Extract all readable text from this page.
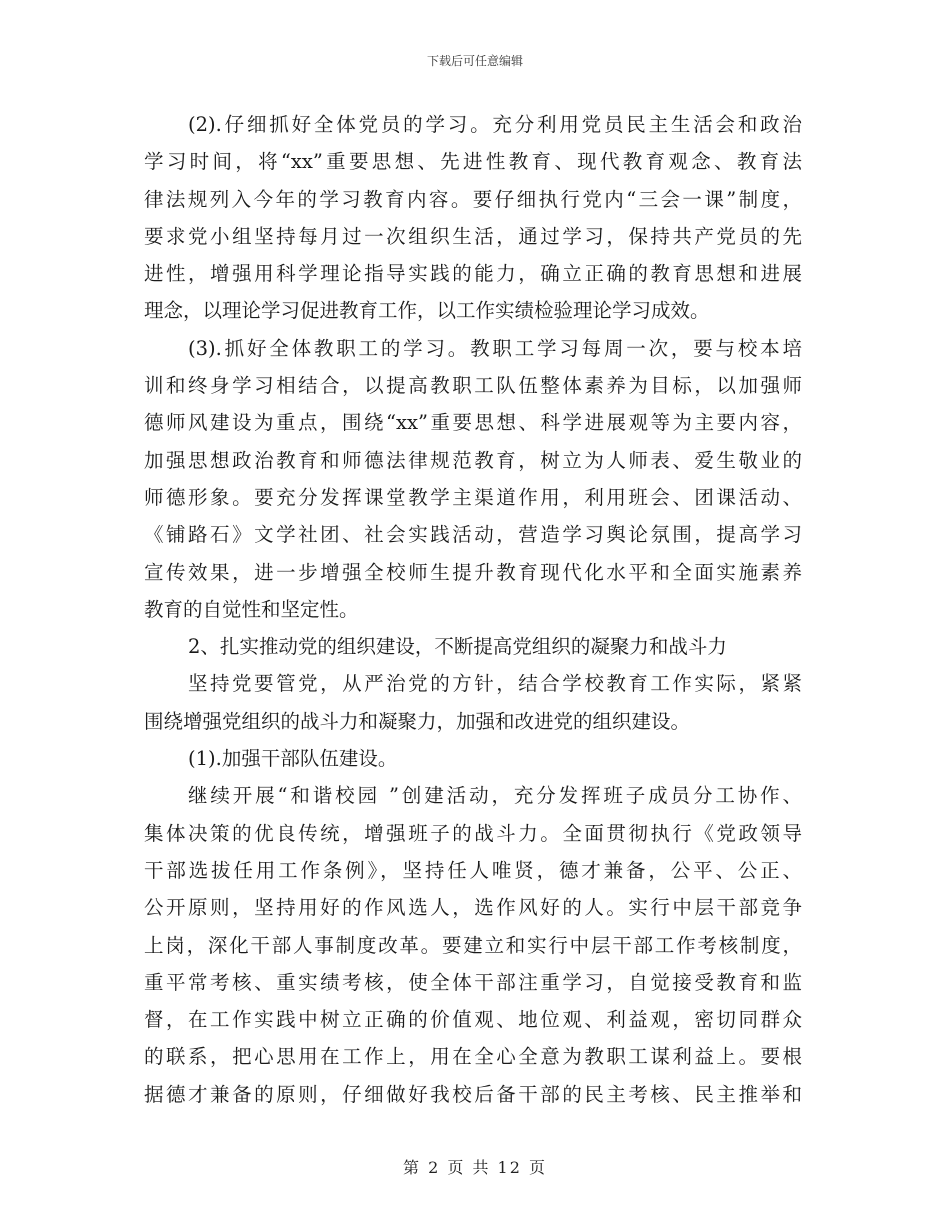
下载后可任意编辑
(2).仔细抓好全体党员的学习。充分利用党员民主生活会和政治
学习时间，将“xx”重要思想、先进性教育、现代教育观念、教育法
律法规列入今年的学习教育内容。要仔细执行党内“三会一课”制度，
要求党小组坚持每月过一次组织生活，通过学习，保持共产党员的先
进性，增强用科学理论指导实践的能力，确立正确的教育思想和进展
理念，以理论学习促进教育工作，以工作实绩检验理论学习成效。
(3).抓好全体教职工的学习。教职工学习每周一次，要与校本培
训和终身学习相结合，以提高教职工队伍整体素养为目标，以加强师
德师风建设为重点，围绕“xx”重要思想、科学进展观等为主要内容，
加强思想政治教育和师德法律规范教育，树立为人师表、爱生敬业的
师德形象。要充分发挥课堂教学主渠道作用，利用班会、团课活动、
《铺路石》文学社团、社会实践活动，营造学习舆论氛围，提高学习
宣传效果，进一步增强全校师生提升教育现代化水平和全面实施素养
教育的自觉性和坚定性。
2、扎实推动党的组织建设，不断提高党组织的凝聚力和战斗力
坚持党要管党，从严治党的方针，结合学校教育工作实际，紧紧
围绕增强党组织的战斗力和凝聚力，加强和改进党的组织建设。
(1).加强干部队伍建设。
继续开展“和谐校园 ”创建活动，充分发挥班子成员分工协作、
集体决策的优良传统，增强班子的战斗力。全面贯彻执行《党政领导
干部选拔任用工作条例》，坚持任人唯贤，德才兼备，公平、公正、
公开原则，坚持用好的作风选人，选作风好的人。实行中层干部竞争
上岗，深化干部人事制度改革。要建立和实行中层干部工作考核制度，
重平常考核、重实绩考核，使全体干部注重学习，自觉接受教育和监
督，在工作实践中树立正确的价值观、地位观、利益观，密切同群众
的联系，把心思用在工作上，用在全心全意为教职工谋利益上。要根
据德才兼备的原则，仔细做好我校后备干部的民主考核、民主推举和
第 2 页 共 12 页
